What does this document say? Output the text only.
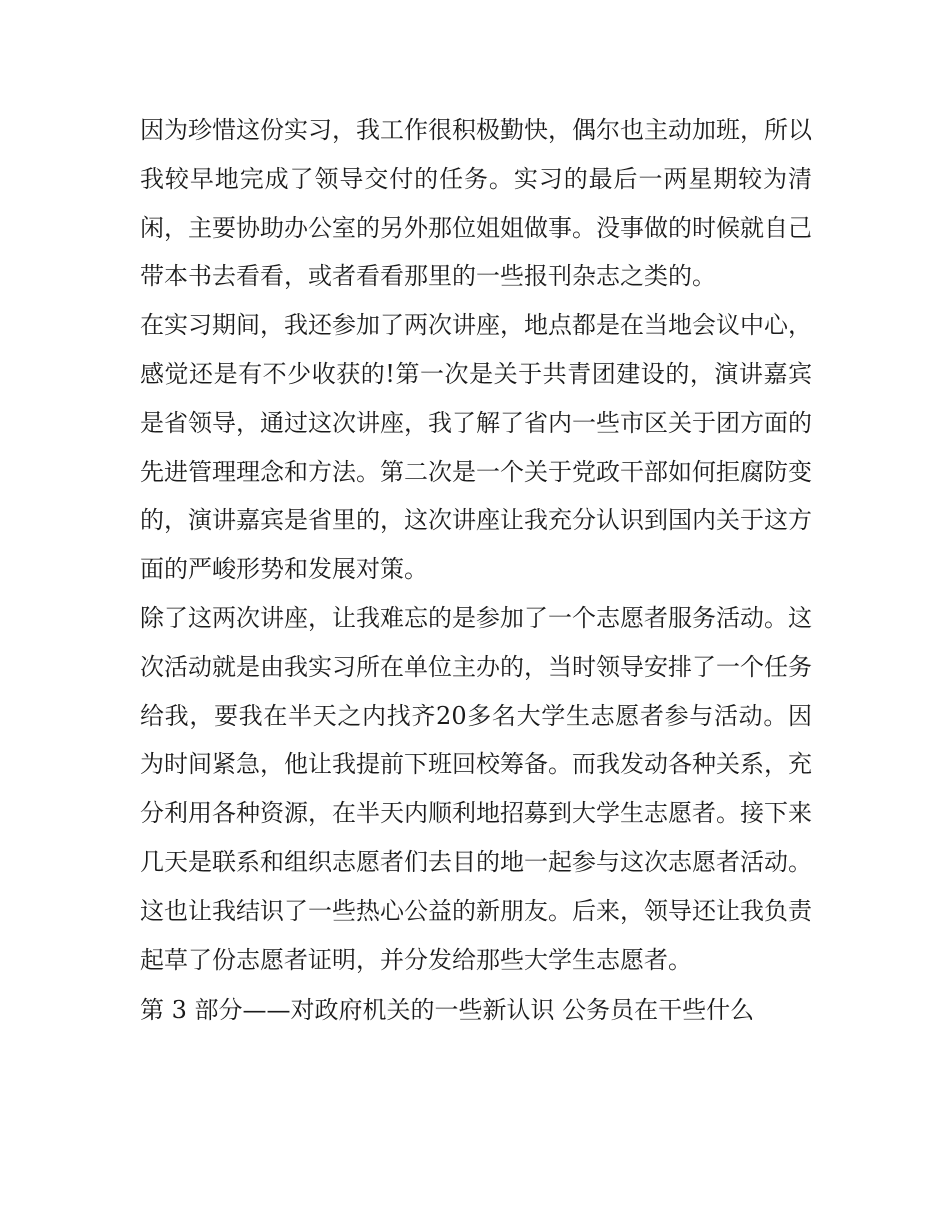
因为珍惜这份实习，我工作很积极勤快，偶尔也主动加班，所以我较早地完成了领导交付的任务。实习的最后一两星期较为清闲，主要协助办公室的另外那位姐姐做事。没事做的时候就自己带本书去看看，或者看看那里的一些报刊杂志之类的。

在实习期间，我还参加了两次讲座，地点都是在当地会议中心，感觉还是有不少收获的!第一次是关于共青团建设的，演讲嘉宾是省领导，通过这次讲座，我了解了省内一些市区关于团方面的先进管理理念和方法。第二次是一个关于党政干部如何拒腐防变的，演讲嘉宾是省里的，这次讲座让我充分认识到国内关于这方面的严峻形势和发展对策。

除了这两次讲座，让我难忘的是参加了一个志愿者服务活动。这次活动就是由我实习所在单位主办的，当时领导安排了一个任务给我，要我在半天之内找齐20多名大学生志愿者参与活动。因为时间紧急，他让我提前下班回校筹备。而我发动各种关系，充分利用各种资源，在半天内顺利地招募到大学生志愿者。接下来几天是联系和组织志愿者们去目的地一起参与这次志愿者活动。这也让我结识了一些热心公益的新朋友。后来，领导还让我负责起草了份志愿者证明，并分发给那些大学生志愿者。

第 3 部分——对政府机关的一些新认识 公务员在干些什么
